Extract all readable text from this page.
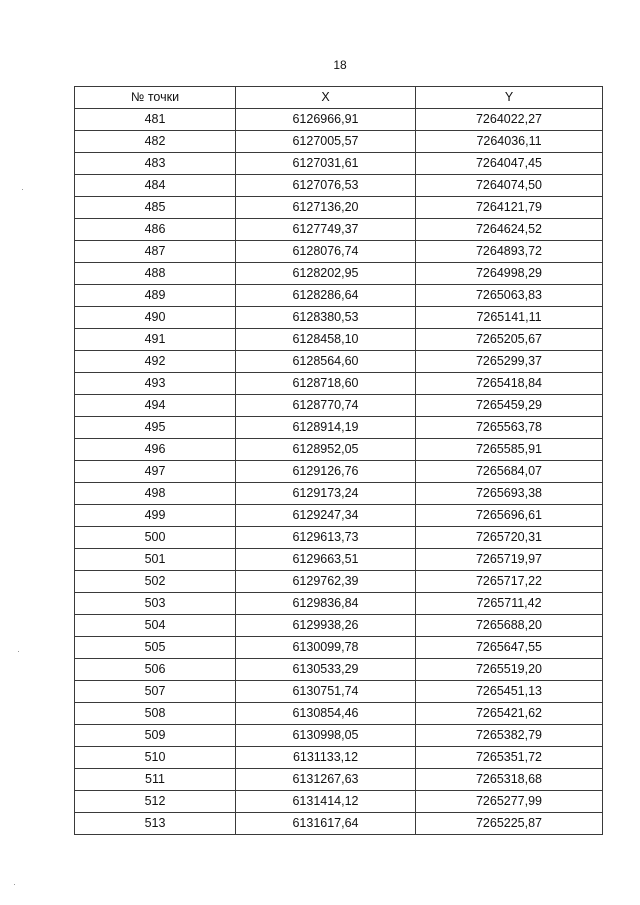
18
№ точки	X	Y
481	6126966,91	7264022,27
482	6127005,57	7264036,11
483	6127031,61	7264047,45
484	6127076,53	7264074,50
485	6127136,20	7264121,79
486	6127749,37	7264624,52
487	6128076,74	7264893,72
488	6128202,95	7264998,29
489	6128286,64	7265063,83
490	6128380,53	7265141,11
491	6128458,10	7265205,67
492	6128564,60	7265299,37
493	6128718,60	7265418,84
494	6128770,74	7265459,29
495	6128914,19	7265563,78
496	6128952,05	7265585,91
497	6129126,76	7265684,07
498	6129173,24	7265693,38
499	6129247,34	7265696,61
500	6129613,73	7265720,31
501	6129663,51	7265719,97
502	6129762,39	7265717,22
503	6129836,84	7265711,42
504	6129938,26	7265688,20
505	6130099,78	7265647,55
506	6130533,29	7265519,20
507	6130751,74	7265451,13
508	6130854,46	7265421,62
509	6130998,05	7265382,79
510	6131133,12	7265351,72
511	6131267,63	7265318,68
512	6131414,12	7265277,99
513	6131617,64	7265225,87
